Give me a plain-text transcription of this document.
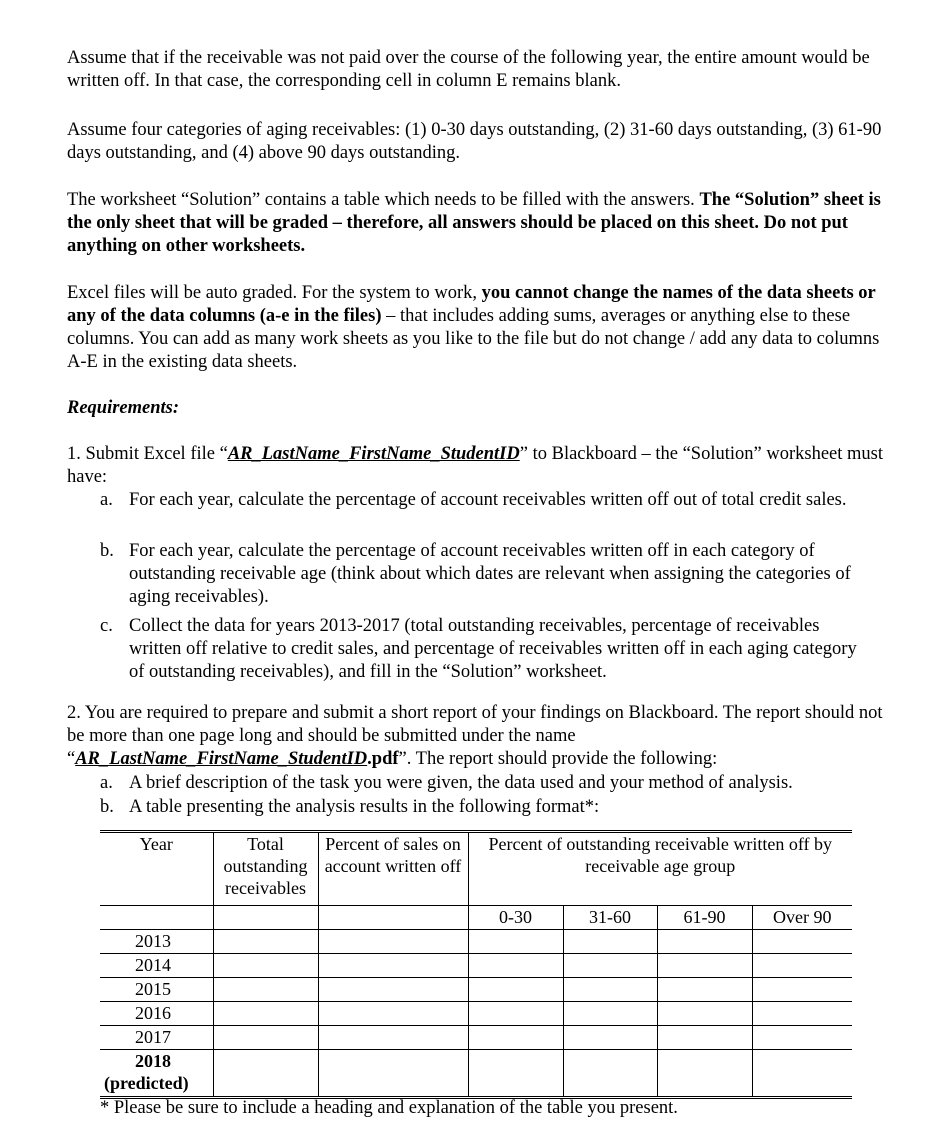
Assume that if the receivable was not paid over the course of the following year, the entire amount would be written off. In that case, the corresponding cell in column E remains blank.

Assume four categories of aging receivables: (1) 0-30 days outstanding, (2) 31-60 days outstanding, (3) 61-90 days outstanding, and (4) above 90 days outstanding.

The worksheet “Solution” contains a table which needs to be filled with the answers. The “Solution” sheet is the only sheet that will be graded – therefore, all answers should be placed on this sheet. Do not put anything on other worksheets.

Excel files will be auto graded. For the system to work, you cannot change the names of the data sheets or any of the data columns (a-e in the files) – that includes adding sums, averages or anything else to these columns. You can add as many work sheets as you like to the file but do not change / add any data to columns A-E in the existing data sheets.

Requirements:

1. Submit Excel file “AR_LastName_FirstName_StudentID” to Blackboard – the “Solution” worksheet must have:

a. For each year, calculate the percentage of account receivables written off out of total credit sales.
b. For each year, calculate the percentage of account receivables written off in each category of outstanding receivable age (think about which dates are relevant when assigning the categories of aging receivables).
c. Collect the data for years 2013-2017 (total outstanding receivables, percentage of receivables written off relative to credit sales, and percentage of receivables written off in each aging category of outstanding receivables), and fill in the “Solution” worksheet.

2. You are required to prepare and submit a short report of your findings on Blackboard. The report should not be more than one page long and should be submitted under the name “AR_LastName_FirstName_StudentID.pdf”. The report should provide the following:

a. A brief description of the task you were given, the data used and your method of analysis.
b. A table presenting the analysis results in the following format*:
Year	Total outstanding receivables	Percent of sales on account written off	Percent of outstanding receivable written off by receivable age group			
			0-30	31-60	61-90	Over 90
2013						
2014						
2015						
2016						
2017						
2018
(predicted)						

* Please be sure to include a heading and explanation of the table you present.
